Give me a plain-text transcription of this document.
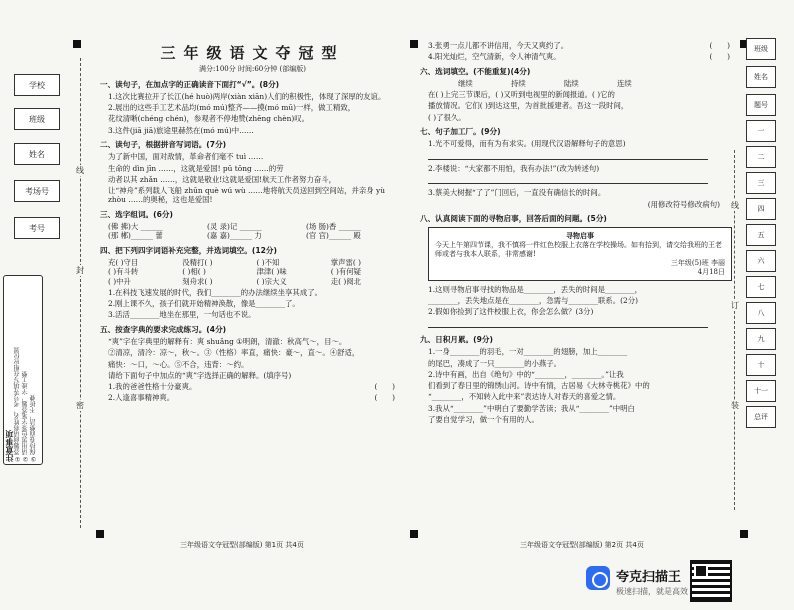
学校
班级
姓名
考场号
考号
注意事项
①答题前请将姓名、考号等填写在相应位置
②请用黑色签字笔答题，字迹工整
③保持卷面整洁，不折叠
线
封
密
三年级语文夺冠型
满分:100分 时间:60分钟 (部编版)
一、读句子，在加点字的正确读音下面打“√”。(8分)
1.这次比赛拉开了长江(hé huò)两岸(xiàn xiān)人们的积极性，体现了深厚的友谊。
2.展出的这些手工艺术品均(mó mú)整齐——摸(mó mū)一样，做工精致，
花纹清晰(chéng chén)，参观者不停地赞(zhēng chèn)叹。
3.这件(jiā jiā)旅途里赫然在(mó mú)中……
二、读句子，根据拼音写词语。(7分)
为了新中国，面对敌情，革命者们毫不 tuì ……
生命的 dìn jīn ……，这就是爱国! pū tōng ……的劳
动者以其 zhǎn ……，这就是敬业!这就是爱国!航天工作者努力奋斗，
让“神舟”系列载人飞船 zhūn què wú wù ……地将航天员送回到空间站，并亲身 yù zhòu ……的奥秘，这也是爱国!
三、选字组词。(6分)
(佛 拂)大 ______	(灵 录)记 ______	(场 肠)香 ______
(那 郴)______ 蕾	(嘉 嘉)______ 力	(官 宫)______ 殿
四、把下列四字词语补充完整，并选词填空。(12分)
充( )守目	没精打( )	( )不知	掌声雷( )
( )有斗转	( )相( )	津津( )味	( )有何疑
( )中升	刻舟求( )	( )宗大义	走( )阅北
1.在科技飞速发展的时代，我们________的办法继续坐享其成了。
2.刚上课不久，孩子们就开始精神涣散，像是________了。
3.活活________地坐在那里，一句话也不说。
五、按查字典的要求完成练习。(4分)
“爽”字在字典里的解释有：爽 shuǎng ①明朗，清澈：秋高气～，目～。
②清凉，清冷：凉～，秋～。③（性格）率直，痛快：豪～，直～。④舒适，
痛快：～口，～心。⑤不合，违背：～约。
请给下面句子中加点的“爽”字选择正确的解释。(填序号)
1.我的爸爸性格十分豪爽。	(　　)
2.人逢喜事精神爽。	(　　)
三年级语文夺冠型(部编版) 第1页 共4页
3.张勇一点儿都不讲信用，今天又爽约了。	(　　)
4.阳光灿烂，空气清新，令人神清气爽。	(　　)
六、选词填空。(不能重复)(4分)
继续	持续	陆续	连续
在( )上完三节课后，( )又听到电视里的新闻报道。( )它的
播放情况。它们( )到达这里，为首批援建者。吾这一段时间，
( )了很久。
七、句子加工厂。(9分)
1.光不可爱得，而有为有求实。(用现代汉语解释句子的意思)
2.李楼说：“大家都不用怕，我有办法!”(改为转述句)
3.蔡美大树握“了了”门回后，一直没有确信长的时间。
(用修改符号修改病句)
八、认真阅读下面的寻物启事，回答后面的问题。(5分)
寻物启事
今天上午第四节课，我不慎将一件红色校服上衣落在学校操场。如有拾到，请交给我班的王老师或者与我本人联系，非常感谢!
三年级(5)班 李丽
4月18日
1.这则寻物启事寻找的物品是________，丢失的时间是________，
________，丢失地点是在________，急需与________联系。(2分)
2.假如你捡到了这件校服上衣，你会怎么做？(3分)
九、日积月累。(9分)
1.一身________的羽毛，一对________的翅膀，加上________
的尾巴，凑成了一只________的小燕子。
2.诗中有画，出自《绝句》中的“________，________。”让我
们看到了春日里的锦绣山河。诗中有情，古居易《大林寺桃花》中的
“________，不知转入此中来”表达诗人对春天的喜爱之情。
3.我从“________”中明白了要勤学苦读；我从“________”中明白
了要自觉学习，做一个有用的人。
三年级语文夺冠型(部编版) 第2页 共4页
线
订
装
班级
姓名
题号
一
二
三
四
五
六
七
八
九
十
十一
总评
夸克扫描王
极速扫描，就是高效
